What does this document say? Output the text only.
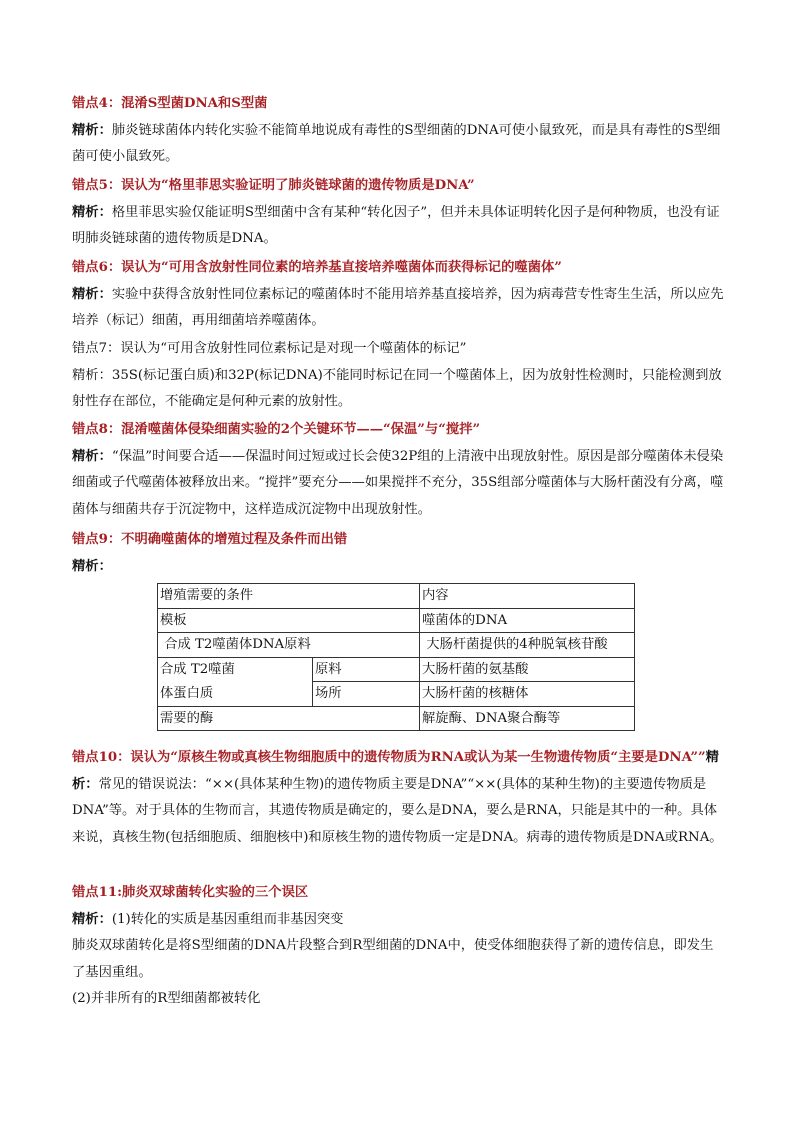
错点4：混淆S型菌DNA和S型菌
精析：肺炎链球菌体内转化实验不能简单地说成有毒性的S型细菌的DNA可使小鼠致死，而是具有毒性的S型细菌可使小鼠致死。
错点5：误认为“格里菲思实验证明了肺炎链球菌的遗传物质是DNA”
精析：格里菲思实验仅能证明S型细菌中含有某种“转化因子”，但并未具体证明转化因子是何种物质，也没有证明肺炎链球菌的遗传物质是DNA。
错点6：误认为“可用含放射性同位素的培养基直接培养噬菌体而获得标记的噬菌体”
精析：实验中获得含放射性同位素标记的噬菌体时不能用培养基直接培养，因为病毒营专性寄生生活，所以应先培养（标记）细菌，再用细菌培养噬菌体。
错点7：误认为“可用含放射性同位素标记是对现一个噬菌体的标记”
精析：35S(标记蛋白质)和32P(标记DNA)不能同时标记在同一个噬菌体上，因为放射性检测时，只能检测到放射性存在部位，不能确定是何种元素的放射性。
错点8：混淆噬菌体侵染细菌实验的2个关键环节——“保温”与“搅拌”
精析：“保温”时间要合适——保温时间过短或过长会使32P组的上清液中出现放射性。原因是部分噬菌体未侵染细菌或子代噬菌体被释放出来。“搅拌”要充分——如果搅拌不充分，35S组部分噬菌体与大肠杆菌没有分离，噬菌体与细菌共存于沉淀物中，这样造成沉淀物中出现放射性。
错点9：不明确噬菌体的增殖过程及条件而出错
精析：
增殖需要的条件		内容
模板		噬菌体的DNA
合成 T2噬菌体DNA原料		大肠杆菌提供的4种脱氧核苷酸
合成 T2噬菌	原料	大肠杆菌的氨基酸
体蛋白质	场所	大肠杆菌的核糖体
需要的酶		解旋酶、DNA聚合酶等
错点10：误认为“原核生物或真核生物细胞质中的遗传物质为RNA或认为某一生物遗传物质“主要是DNA””精析：常见的错误说法：“××(具体某种生物)的遗传物质主要是DNA”“××(具体的某种生物)的主要遗传物质是DNA”等。对于具体的生物而言，其遗传物质是确定的，要么是DNA，要么是RNA，只能是其中的一种。具体来说，真核生物(包括细胞质、细胞核中)和原核生物的遗传物质一定是DNA。病毒的遗传物质是DNA或RNA。
错点11:肺炎双球菌转化实验的三个误区
精析：(1)转化的实质是基因重组而非基因突变
肺炎双球菌转化是将S型细菌的DNA片段整合到R型细菌的DNA中，使受体细胞获得了新的遗传信息，即发生了基因重组。
(2)并非所有的R型细菌都被转化
